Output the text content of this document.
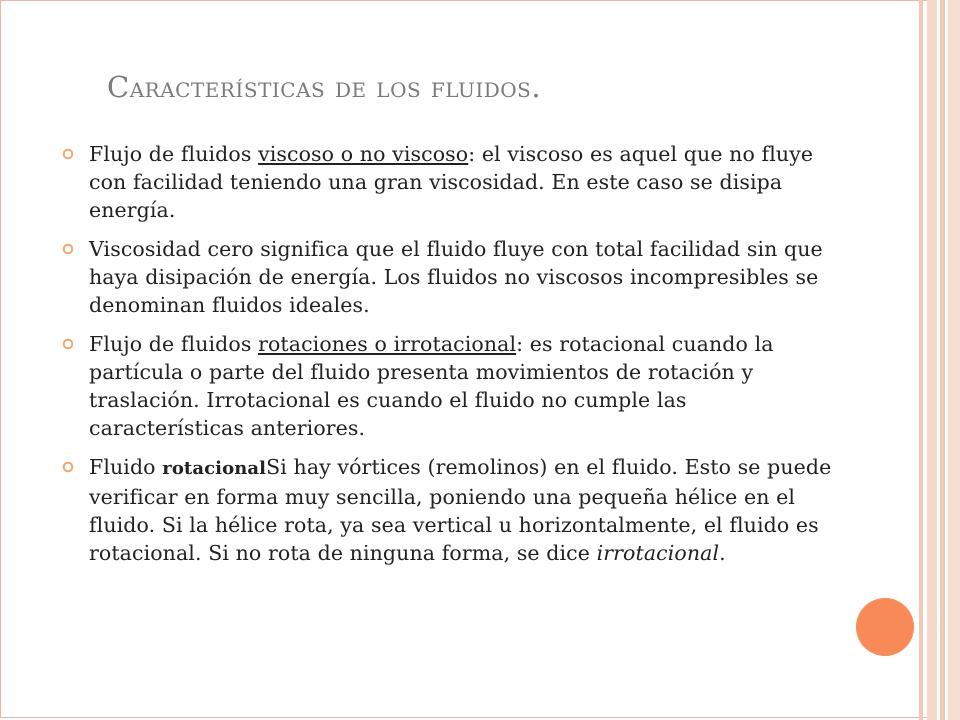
Características de los fluidos.
Flujo de fluidos viscoso o no viscoso: el viscoso es aquel que no fluye con facilidad teniendo una gran viscosidad. En este caso se disipa energía.
Viscosidad cero significa que el fluido fluye con total facilidad sin que haya disipación de energía. Los fluidos no viscosos incompresibles se denominan fluidos ideales.
Flujo de fluidos rotaciones o irrotacional: es rotacional cuando la partícula o parte del fluido presenta movimientos de rotación y traslación. Irrotacional es cuando el fluido no cumple las características anteriores.
Fluido rotacionalSi hay vórtices (remolinos) en el fluido. Esto se puede verificar en forma muy sencilla, poniendo una pequeña hélice en el fluido. Si la hélice rota, ya sea vertical u horizontalmente, el fluido es rotacional. Si no rota de ninguna forma, se dice irrotacional.
